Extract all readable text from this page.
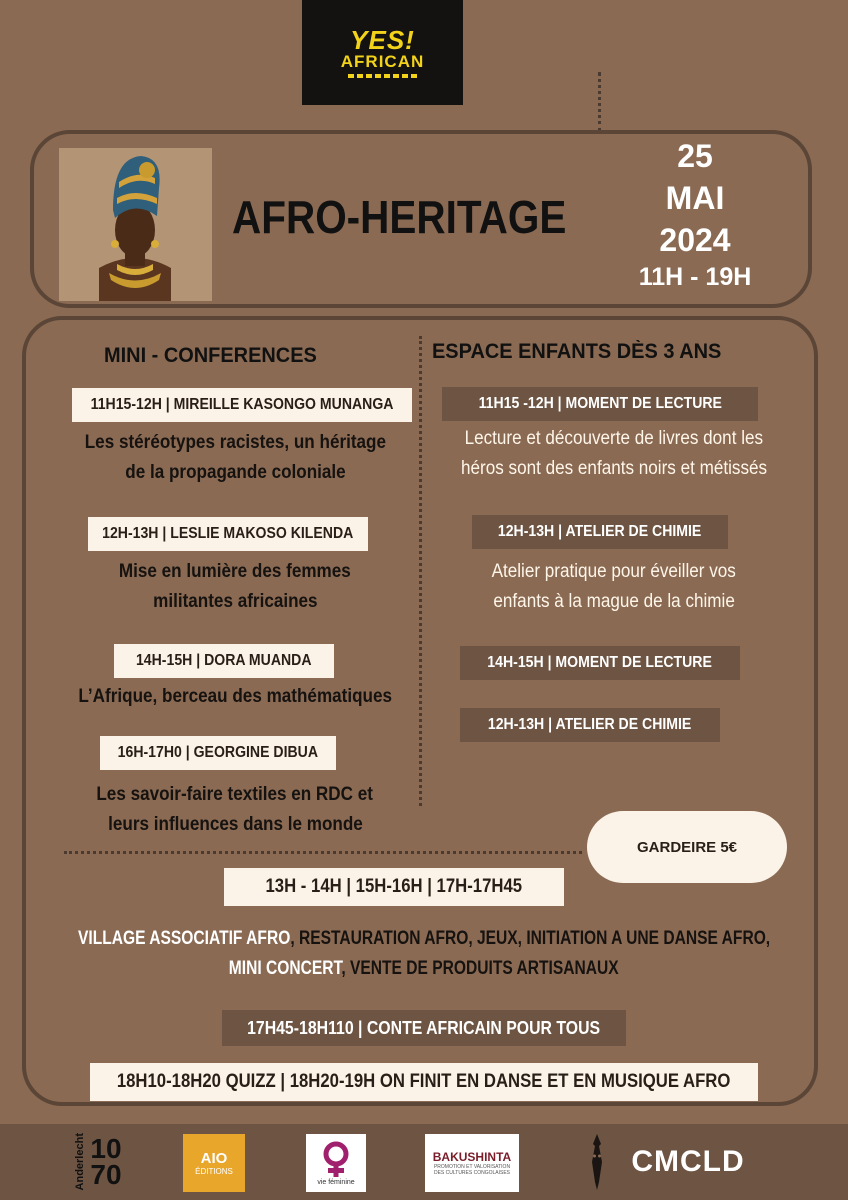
YES!
AFRICAN
AFRO-HERITAGE
25
MAI
2024
11H - 19H
MINI - CONFERENCES
11H15-12H | MIREILLE KASONGO MUNANGA
Les stéréotypes racistes, un héritage
de la propagande coloniale
12H-13H | LESLIE MAKOSO KILENDA
Mise en lumière des femmes
militantes africaines
14H-15H | DORA MUANDA
L’Afrique, berceau des mathématiques
16H-17H0 | GEORGINE DIBUA
Les savoir-faire textiles en RDC et
leurs influences dans le monde
ESPACE ENFANTS DÈS 3 ANS
11H15 -12H | MOMENT DE LECTURE
Lecture et découverte de livres dont les
héros sont des enfants noirs et métissés
12H-13H | ATELIER DE CHIMIE
Atelier pratique pour éveiller vos
enfants à la mague de la chimie
14H-15H | MOMENT DE LECTURE
12H-13H | ATELIER DE CHIMIE
GARDEIRE 5€
13H - 14H | 15H-16H | 17H-17H45
VILLAGE ASSOCIATIF AFRO, RESTAURATION AFRO, JEUX, INITIATION A UNE DANSE AFRO,
MINI CONCERT, VENTE DE PRODUITS ARTISANAUX
17H45-18H110 | CONTE AFRICAIN POUR TOUS
18H10-18H20 QUIZZ | 18H20-19H ON FINIT EN DANSE ET EN MUSIQUE AFRO
Anderlecht 10
70
AIO
ÉDITIONS
vie féminine
BAKUSHINTA
PROMOTION ET VALORISATION DES CULTURES CONGOLAISES	CMCLD
